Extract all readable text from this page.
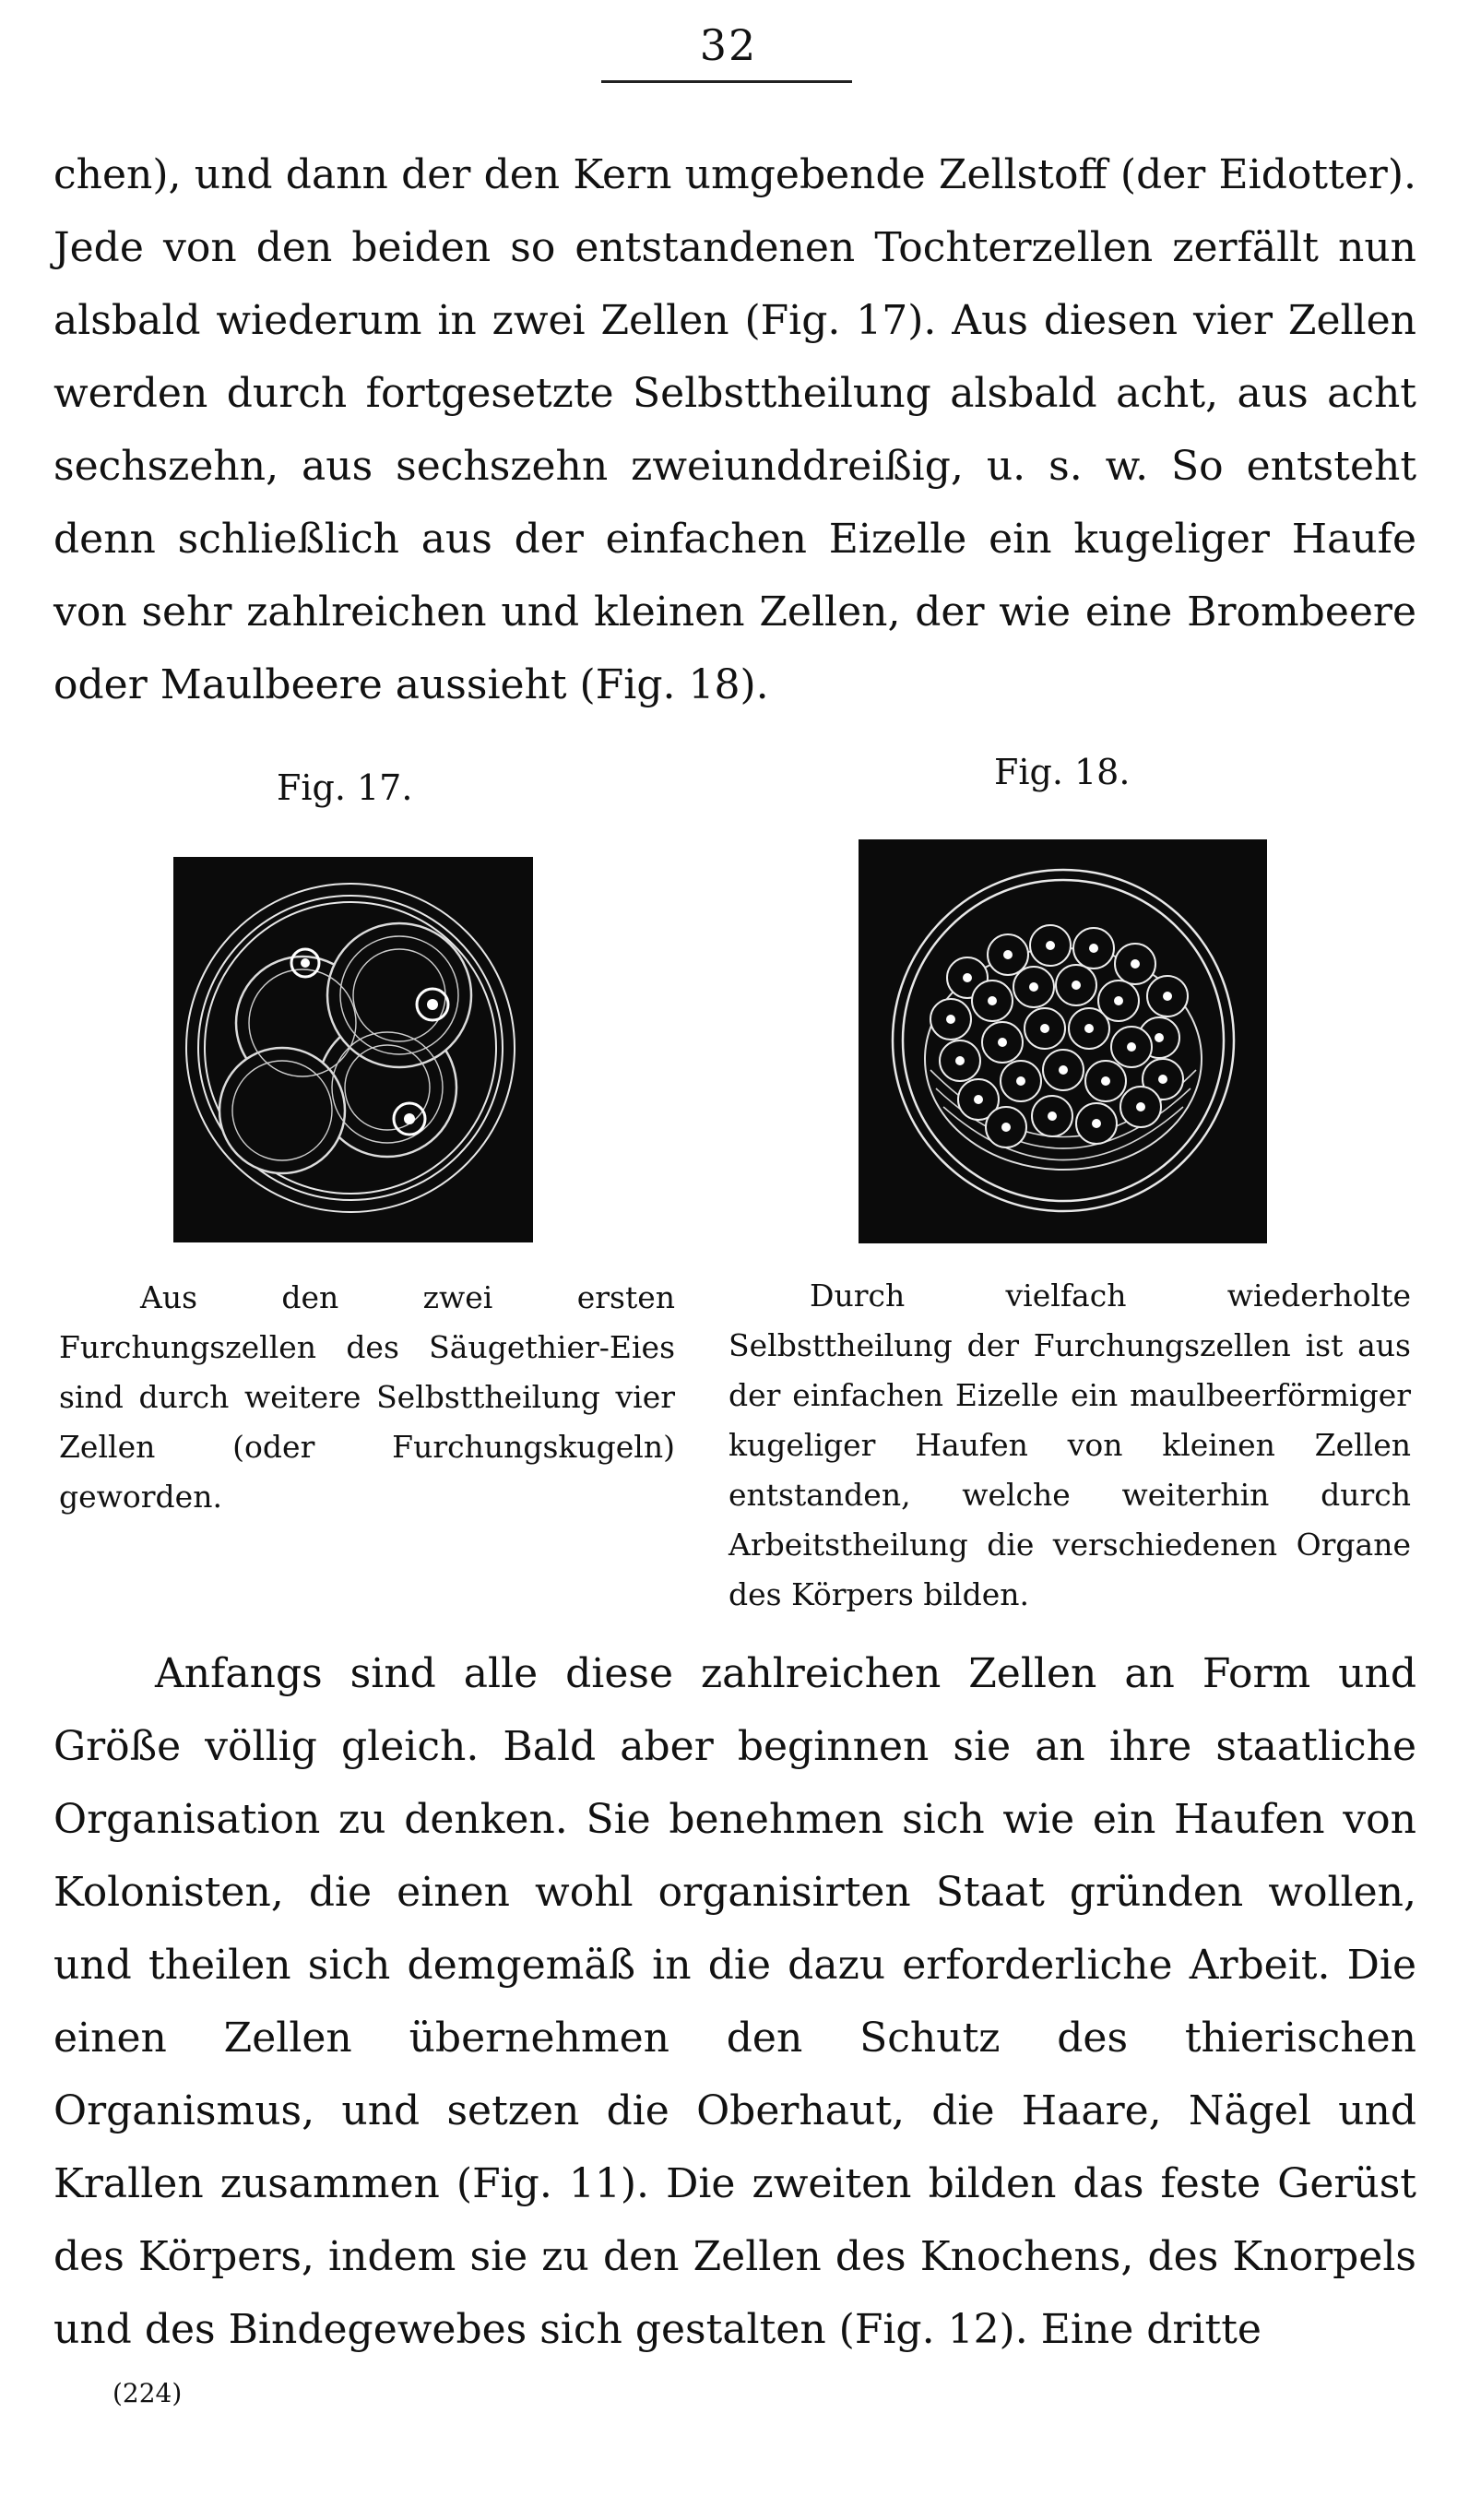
32
chen), und dann der den Kern umgebende Zellstoff (der Eidotter). Jede von den beiden so entstandenen Tochterzellen zerfällt nun alsbald wiederum in zwei Zellen (Fig. 17). Aus diesen vier Zellen werden durch fortgesetzte Selbsttheilung alsbald acht, aus acht sechszehn, aus sechszehn zweiunddreißig, u. s. w. So entsteht denn schließlich aus der einfachen Eizelle ein kugeliger Haufe von sehr zahlreichen und kleinen Zellen, der wie eine Brombeere oder Maulbeere aussieht (Fig. 18).
Fig. 17.	Fig. 18.
Aus den zwei ersten Furchungszellen des Säugethier-Eies sind durch weitere Selbsttheilung vier Zellen (oder Furchungskugeln) geworden.
Durch vielfach wiederholte Selbsttheilung der Furchungszellen ist aus der einfachen Eizelle ein maulbeerförmiger kugeliger Haufen von kleinen Zellen entstanden, welche weiterhin durch Arbeitstheilung die verschiedenen Organe des Körpers bilden.
Anfangs sind alle diese zahlreichen Zellen an Form und Größe völlig gleich. Bald aber beginnen sie an ihre staatliche Organisation zu denken. Sie benehmen sich wie ein Haufen von Kolonisten, die einen wohl organisirten Staat gründen wollen, und theilen sich demgemäß in die dazu erforderliche Arbeit. Die einen Zellen übernehmen den Schutz des thierischen Organismus, und setzen die Oberhaut, die Haare, Nägel und Krallen zusammen (Fig. 11). Die zweiten bilden das feste Gerüst des Körpers, indem sie zu den Zellen des Knochens, des Knorpels und des Bindegewebes sich gestalten (Fig. 12). Eine dritte
(224)
